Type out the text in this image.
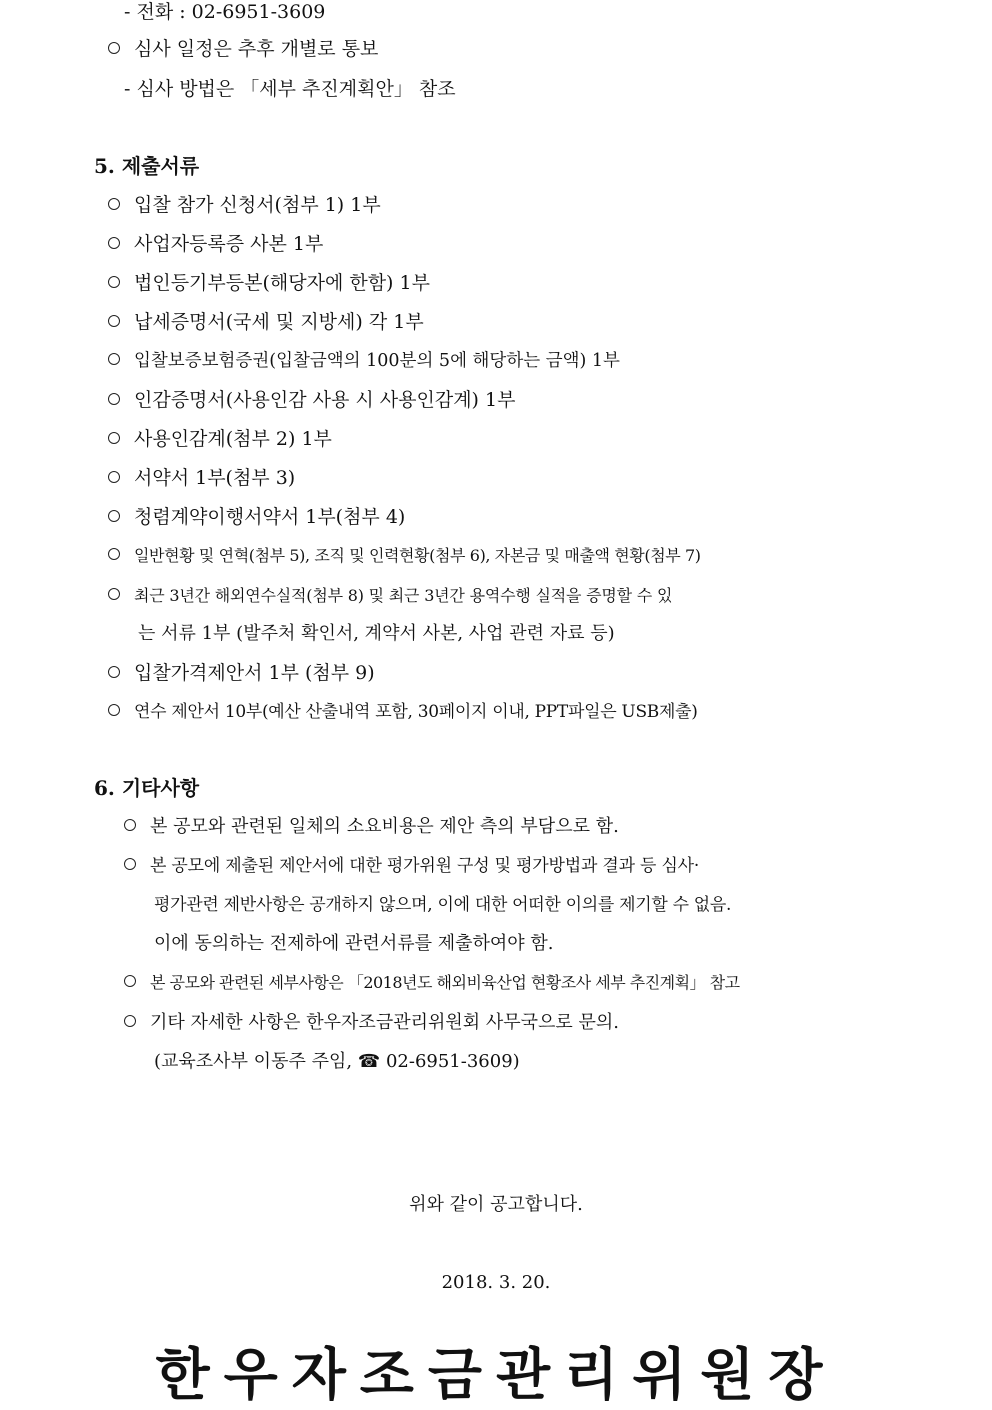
- 전화 : 02-6951-3609
심사 일정은 추후 개별로 통보
- 심사 방법은 「세부 추진계획안」 참조
5. 제출서류
입찰 참가 신청서(첨부 1) 1부
사업자등록증 사본 1부
법인등기부등본(해당자에 한함) 1부
납세증명서(국세 및 지방세) 각 1부
입찰보증보험증권(입찰금액의 100분의 5에 해당하는 금액) 1부
인감증명서(사용인감 사용 시 사용인감계) 1부
사용인감계(첨부 2) 1부
서약서 1부(첨부 3)
청렴계약이행서약서 1부(첨부 4)
일반현황 및 연혁(첨부 5), 조직 및 인력현황(첨부 6), 자본금 및 매출액 현황(첨부 7)
최근 3년간 해외연수실적(첨부 8) 및 최근 3년간 용역수행 실적을 증명할 수 있
는 서류 1부 (발주처 확인서, 계약서 사본, 사업 관련 자료 등)
입찰가격제안서 1부 (첨부 9)
연수 제안서 10부(예산 산출내역 포함, 30페이지 이내, PPT파일은 USB제출)
6. 기타사항
본 공모와 관련된 일체의 소요비용은 제안 측의 부담으로 함.
본 공모에 제출된 제안서에 대한 평가위원 구성 및 평가방법과 결과 등 심사·
평가관련 제반사항은 공개하지 않으며, 이에 대한 어떠한 이의를 제기할 수 없음.
이에 동의하는 전제하에 관련서류를 제출하여야 함.
본 공모와 관련된 세부사항은 「2018년도 해외비육산업 현황조사 세부 추진계획」 참고
기타 자세한 사항은 한우자조금관리위원회 사무국으로 문의.
(교육조사부 이동주 주임, ☎ 02-6951-3609)
위와 같이 공고합니다.
2018. 3. 20.
한우자조금관리위원장
